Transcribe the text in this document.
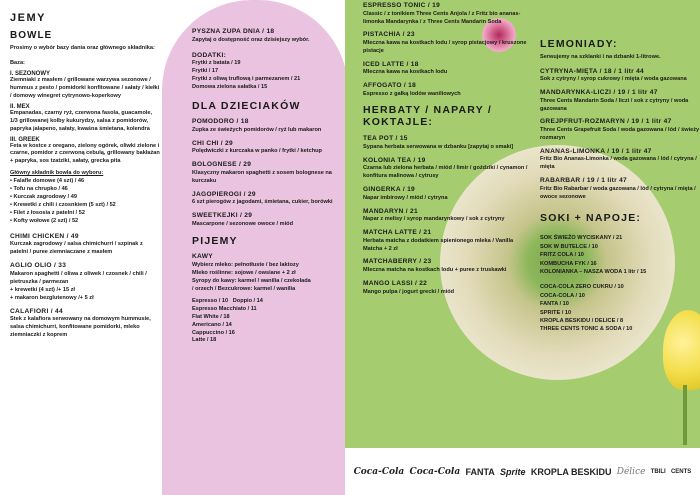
JEMY
BOWLE
Prosimy o wybór bazy dania oraz głównego składnika:
Baza:
I. SEZONOWY
Ziemniaki z masłem / grillowane warzywa sezonowe / hummus z pesto / pomidorki konfitowane / sałaty / kiełki / domowy winegret cytrynowo-koperkowy
II. MEX
Empanadas, czarny ryż, czerwona fasola, guacamole, 1/3 grillowanej kolby kukurydzy, salsa z pomidorów, papryka jalapeno, sałaty, kwaśna śmietana, kolendra
III. GREEK
Feta w kostce z oregano, zielony ogórek, oliwki zielone i czarne, pomidor z czerwoną cebulą, grillowany bakłażan + papryka, sos tzatziki, sałaty, grecka pita
Główny składnik bowla do wyboru:
• Falafle domowe (4 szt) / 46
• Tofu na chrupko / 46
• Kurczak zagrodowy / 49
• Krewetki z chili i czosnkiem (5 szt) / 52
• Filet z łososia z patelni / 52
• Kofty wołowe (2 szt) / 52
CHIMI CHICKEN / 49
Kurczak zagrodowy / salsa chimichurri / szpinak z patelni / puree ziemniaczane z masłem
AGLIO OLIO / 33
Makaron spaghetti / oliwa z oliwek / czosnek / chili / pietruszka / parmezan
+ krewetki (4 szt) /+ 15 zł
+ makaron bezglutenowy /+ 5 zł
CALAFIORI / 44
Stek z kalafiora serwowany na domowym hummusie, salsa chimichurri, konfitowane pomidorki, mleko ziemniaczki z koprem
PYSZNA ZUPA DNIA / 18
Zapytaj o dostępność oraz dzisiejszy wybór.
DODATKI:
Frytki z batata / 19
Frytki / 17
Frytki z oliwą truflową i parmezanem / 21
Domowa zielona sałatka / 15
DLA DZIECIAKÓW
POMODORO / 18
Zupka ze świeżych pomidorów / ryż lub makaron
CHI CHI / 29
Polędwiczki z kurczaka w panko / frytki / ketchup
BOLOGNESE / 29
Klasyczny makaron spaghetti z sosem bolognese na kurczaku
JAGOPIEROGI / 29
6 szt pierogów z jagodami, śmietana, cukier, borówki
SWEETKEJKI / 29
Mascarpone / sezonowe owoce / miód
PIJEMY
KAWY
Wybierz mleko: pełnotłuste / bez laktozy
Mleko roślinne: sojowe / owsiane + 2 zł
Syropy do kawy: karmel / wanilia / czekolada
/ orzech / Bezcukrowe: karmel / wanilia
Espresso / 10   Doppio / 14
Espresso Macchiato / 11
Flat White / 18
Americano / 14
Cappuccino / 16
Latte / 18
ESPRESSO TONIC / 19
Classic / z tonikiem Three Cents Anjola / z Fritz bio ananas-limonka Mandarynka / z Three Cents Mandarin Soda
PISTACHIA / 23
Mleczna kawa na kostkach lodu / syrop pistacjowy / kruszone pistacje
ICED LATTE / 18
Mleczna kawa na kostkach lodu
AFFOGATO / 18
Espresso z gałką lodów waniliowych
HERBATY / NAPARY / KOKTAJLE:
TEA POT / 15
Sypana herbata serwowana w dzbanku [zapytaj o smaki]
KOLONIA TEA / 19
Czarna lub zielona herbata / miód / limir / goździki / cynamon / konfitura malinowa / cytrusy
GINGERKA / 19
Napar imbirowy / miód / cytryna
MANDARYN / 21
Napar z melisy / syrop mandarynkowy / sok z cytryny
MATCHA LATTE / 21
Herbata matcha z dodatkiem spienionego mleka / Vanilla Matcha + 2 zł
MATCHABERRY / 23
Mleczna matcha na kostkach lodu + puree z truskawki
MANGO LASSI / 22
Mango pulpa / jogurt grecki / miód
LEMONIADY:
Serwujemy na szklanki i na dzbanki 1-litrowe.
CYTRYNA-MIĘTA / 18 / 1 litr 44
Sok z cytryny / syrop cukrowy / mięta / woda gazowana
MANDARYNKA-LICZI / 19 / 1 litr 47
Three Cents Mandarin Soda / liczi / sok z cytryny / woda gazowana
GREJPFRUT-ROZMARYN / 19 / 1 litr 47
Three Cents Grapefruit Soda / woda gazowana / lód / świeży rozmaryn
ANANAS-LIMONKA / 19 / 1 litr 47
Fritz Bio Ananas-Limonka / woda gazowana / lód / cytryna / mięta
RABARBAR / 19 / 1 litr 47
Fritz Bio Rabarbar / woda gazowana / lód / cytryna / mięta / owoce sezonowe
SOKI + NAPOJE:
SOK ŚWIEŻO WYCISKANY / 21
SOK W BUTELCE / 10
FRITZ COLA / 10
KOMBUCHA FYK / 16
KOLONIANKA – NASZA WODA 1 litr / 15
COCA-COLA ZERO CUKRU / 10
COCA-COLA / 10
FANTA / 10
SPRITE / 10
KROPLA BESKIDU / DELICE / 8
THREE CENTS TONIC & SODA / 10
Coca-Cola Coca-Cola FANTA Sprite KROPLA BESKIDU Délice TBILI CENTS
